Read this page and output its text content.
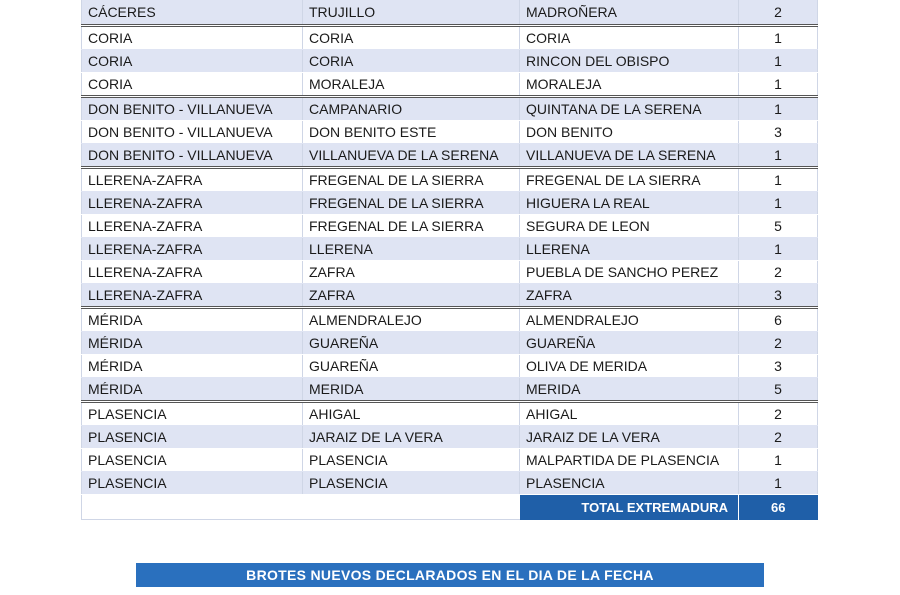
CÁCERES	TRUJILLO	MADROÑERA	2
CORIA	CORIA	CORIA	1
CORIA	CORIA	RINCON DEL OBISPO	1
CORIA	MORALEJA	MORALEJA	1
DON BENITO - VILLANUEVA	CAMPANARIO	QUINTANA DE LA SERENA	1
DON BENITO - VILLANUEVA	DON BENITO ESTE	DON BENITO	3
DON BENITO - VILLANUEVA	VILLANUEVA DE LA SERENA	VILLANUEVA DE LA SERENA	1
LLERENA-ZAFRA	FREGENAL DE LA SIERRA	FREGENAL DE LA SIERRA	1
LLERENA-ZAFRA	FREGENAL DE LA SIERRA	HIGUERA LA REAL	1
LLERENA-ZAFRA	FREGENAL DE LA SIERRA	SEGURA DE LEON	5
LLERENA-ZAFRA	LLERENA	LLERENA	1
LLERENA-ZAFRA	ZAFRA	PUEBLA DE SANCHO PEREZ	2
LLERENA-ZAFRA	ZAFRA	ZAFRA	3
MÉRIDA	ALMENDRALEJO	ALMENDRALEJO	6
MÉRIDA	GUAREÑA	GUAREÑA	2
MÉRIDA	GUAREÑA	OLIVA DE MERIDA	3
MÉRIDA	MERIDA	MERIDA	5
PLASENCIA	AHIGAL	AHIGAL	2
PLASENCIA	JARAIZ DE LA VERA	JARAIZ DE LA VERA	2
PLASENCIA	PLASENCIA	MALPARTIDA DE PLASENCIA	1
PLASENCIA	PLASENCIA	PLASENCIA	1
		TOTAL EXTREMADURA	66
BROTES NUEVOS DECLARADOS EN EL DIA DE LA FECHA
